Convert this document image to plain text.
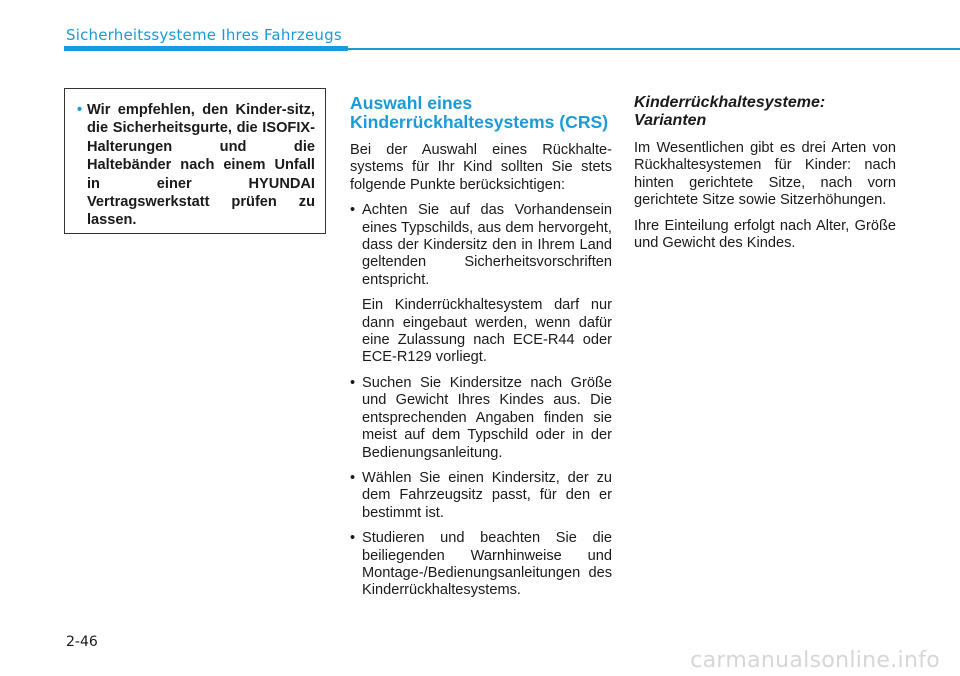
Sicherheitssysteme Ihres Fahrzeugs
• Wir empfehlen, den Kinder-sitz, die Sicherheitsgurte, die ISOFIX-Halterungen und die Haltebänder nach einem Unfall in einer HYUNDAI Vertragswerkstatt prüfen zu lassen.
Auswahl eines
Kinderrückhaltesystems (CRS)

Bei der Auswahl eines Rückhalte-systems für Ihr Kind sollten Sie stets folgende Punkte berücksichtigen:

• Achten Sie auf das Vorhandensein eines Typschilds, aus dem hervorgeht, dass der Kindersitz den in Ihrem Land geltenden Sicherheitsvorschriften entspricht.

Ein Kinderrückhaltesystem darf nur dann eingebaut werden, wenn dafür eine Zulassung nach ECE-R44 oder ECE-R129 vorliegt.

• Suchen Sie Kindersitze nach Größe und Gewicht Ihres Kindes aus. Die entsprechenden Angaben finden sie meist auf dem Typschild oder in der Bedienungsanleitung.

• Wählen Sie einen Kindersitz, der zu dem Fahrzeugsitz passt, für den er bestimmt ist.

• Studieren und beachten Sie die beiliegenden Warnhinweise und Montage-/Bedienungsanleitungen des Kinderrückhaltesystems.

Kinderrückhaltesysteme:
Varianten

Im Wesentlichen gibt es drei Arten von Rückhaltesystemen für Kinder: nach hinten gerichtete Sitze, nach vorn gerichtete Sitze sowie Sitzerhöhungen.

Ihre Einteilung erfolgt nach Alter, Größe und Gewicht des Kindes.

2-46
carmanualsonline.info
